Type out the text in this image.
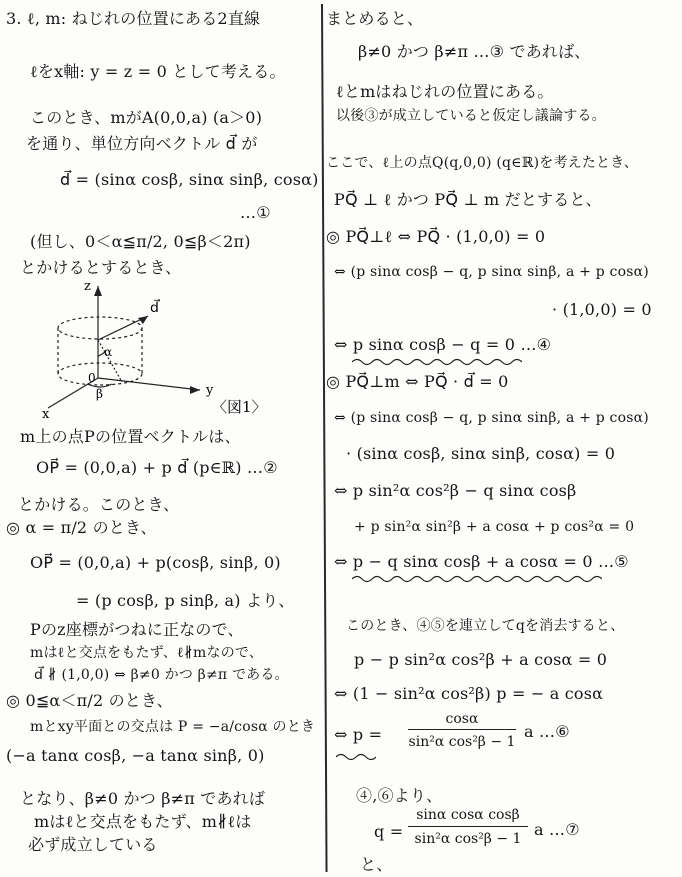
3. ℓ, m: ねじれの位置にある2直線
ℓをx軸: y = z = 0 として考える。
このとき、mがA(0,0,a) (a＞0)
を通り、単位方向ベクトル d⃗ が
d⃗ = (sinα cosβ, sinα sinβ, cosα)
…①
(但し、0＜α≦π/2, 0≦β＜2π)
とかけるとするとき、
z
d⃗
α
0
y
β
x	〈図1〉
m上の点Pの位置ベクトルは、
OP⃗ = (0,0,a) + p d⃗ (p∈ℝ) …②
とかける。このとき、
◎ α = π/2 のとき、
OP⃗ = (0,0,a) + p(cosβ, sinβ, 0)
= (p cosβ, p sinβ, a) より、
Pのz座標がつねに正なので、
mはℓと交点をもたず、ℓ∦mなので、
d⃗ ∦ (1,0,0) ⇔ β≠0 かつ β≠π である。
◎ 0≦α＜π/2 のとき、
mとxy平面との交点は P = −a/cosα のとき
(−a tanα cosβ, −a tanα sinβ, 0)
となり、β≠0 かつ β≠π であれば
mはℓと交点をもたず、m∦ℓは
必ず成立している
まとめると、
β≠0 かつ β≠π …③ であれば、
ℓとmはねじれの位置にある。
以後③が成立していると仮定し議論する。
ここで、ℓ上の点Q(q,0,0) (q∈ℝ)を考えたとき、
PQ⃗ ⊥ ℓ かつ PQ⃗ ⊥ m だとすると、
◎ PQ⃗⊥ℓ ⇔ PQ⃗ · (1,0,0) = 0
⇔ (p sinα cosβ − q, p sinα sinβ, a + p cosα)
· (1,0,0) = 0
⇔ p sinα cosβ − q = 0 …④
◎ PQ⃗⊥m ⇔ PQ⃗ · d⃗ = 0
⇔ (p sinα cosβ − q, p sinα sinβ, a + p cosα)
· (sinα cosβ, sinα sinβ, cosα) = 0
⇔ p sin²α cos²β − q sinα cosβ
+ p sin²α sin²β + a cosα + p cos²α = 0
⇔ p − q sinα cosβ + a cosα = 0 …⑤
このとき、④⑤を連立してqを消去すると、
p − p sin²α cos²β + a cosα = 0
⇔ (1 − sin²α cos²β) p = − a cosα
⇔ p =
cosα
sin²α cos²β − 1
a …⑥
④,⑥より、
q =
sinα cosα cosβ
sin²α cos²β − 1 a …⑦
と、
